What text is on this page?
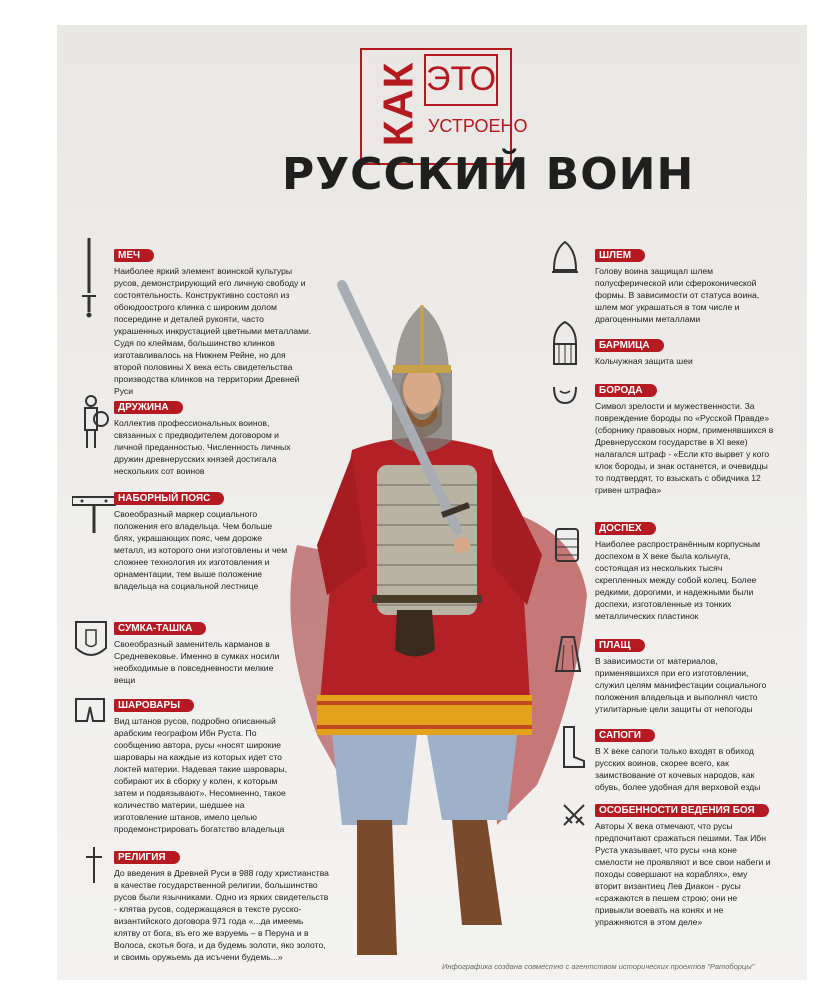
КАК ЭТО
УСТРОЕНО
РУССКИЙ ВОИН
МЕЧ
Наиболее яркий элемент воинской культуры русов, демонстрирующий его личную свободу и состоятельность. Конструктивно состоял из обоюдоострого клинка с широким долом посередине и деталей рукояти, часто украшенных инкрустацией цветными металлами. Судя по клеймам, большинство клинков изготавливалось на Нижнем Рейне, но для второй половины X века есть свидетельства производства клинков на территории Древней Руси
ДРУЖИНА
Коллектив профессиональных воинов, связанных с предводителем договором и личной преданностью. Численность личных дружин древнерусских князей достигала нескольких сот воинов
НАБОРНЫЙ ПОЯС
Своеобразный маркер социального положения его владельца. Чем больше блях, украшающих пояс, чем дороже металл, из которого они изготовлены и чем сложнее технология их изготовления и орнаментации, тем выше положение владельца на социальной лестнице
СУМКА-ТАШКА
Своеобразный заменитель карманов в Средневековье. Именно в сумках носили необходимые в повседневности мелкие вещи
ШАРОВАРЫ
Вид штанов русов, подробно описанный арабским географом Ибн Руста. По сообщению автора, русы «носят широкие шаровары на каждые из которых идет сто локтей материи. Надевая такие шаровары, собирают их в сборку у колен, к которым затем и подвязывают». Несомненно, такое количество материи, шедшее на изготовление штанов, имело целью продемонстрировать богатство владельца
РЕЛИГИЯ
До введения в Древней Руси в 988 году христианства в качестве государственной религии, большинство русов были язычниками. Одно из ярких свидетельств - клятва русов, содержащаяся в тексте русско-византийского договора 971 года «...да имеемь клятву от бога, въ его же вэруемь – в Перуна и в Волоса, скотья бога, и да будемь золоти, яко золото, и своимь оружьемь да исъчени будемь...»
ШЛЕМ
Голову воина защищал шлем полусферической или сфероконической формы. В зависимости от статуса воина, шлем мог украшаться в том числе и драгоценными металлами
БАРМИЦА
Кольчужная защита шеи
БОРОДА
Символ зрелости и мужественности. За повреждение бороды по «Русской Правде» (сборнику правовых норм, применявшихся в Древнерусском государстве в XI веке) налагался штраф - «Если кто вырвет у кого клок бороды, и знак останется, и очевидцы то подтвердят, то взыскать с обидчика 12 гривен штрафа»
ДОСПЕХ
Наиболее распространённым корпусным доспехом в X веке была кольчуга, состоящая из нескольких тысяч скрепленных между собой колец. Более редкими, дорогими, и надежными были доспехи, изготовленные из тонких металлических пластинок
ПЛАЩ
В зависимости от материалов, применявшихся при его изготовлении, служил целям манифестации социального положения владельца и выполнял чисто утилитарные цели защиты от непогоды
САПОГИ
В X веке сапоги только входят в обиход русских воинов, скорее всего, как заимствование от кочевых народов, как обувь, более удобная для верховой езды
ОСОБЕННОСТИ ВЕДЕНИЯ БОЯ
Авторы X века отмечают, что русы предпочитают сражаться пешими. Так Ибн Руста указывает, что русы «на коне смелости не проявляют и все свои набеги и походы совершают на кораблях», ему вторит византиец Лев Диакон - русы «сражаются в пешем строю; они не привыкли воевать на конях и не упражняются в этом деле»
Инфографика создана совместно с агентством исторических проектов "Ратоборцы"
